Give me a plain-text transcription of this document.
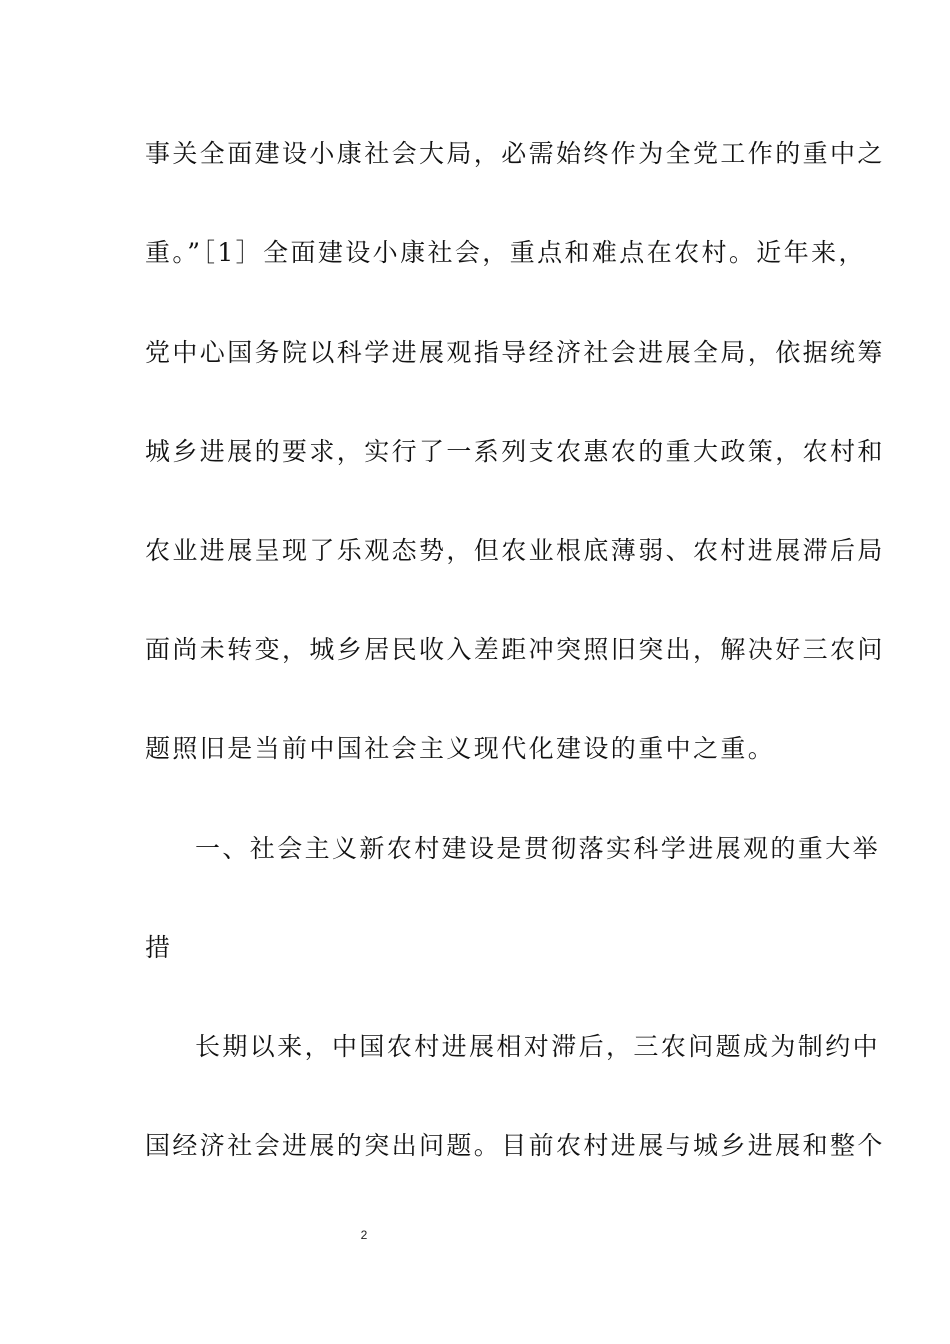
事关全面建设小康社会大局，必需始终作为全党工作的重中之
重。”［1］全面建设小康社会，重点和难点在农村。近年来，
党中心国务院以科学进展观指导经济社会进展全局，依据统筹
城乡进展的要求，实行了一系列支农惠农的重大政策，农村和
农业进展呈现了乐观态势，但农业根底薄弱、农村进展滞后局
面尚未转变，城乡居民收入差距冲突照旧突出，解决好三农问
题照旧是当前中国社会主义现代化建设的重中之重。
一、社会主义新农村建设是贯彻落实科学进展观的重大举
措
长期以来，中国农村进展相对滞后，三农问题成为制约中
国经济社会进展的突出问题。目前农村进展与城乡进展和整个
2
